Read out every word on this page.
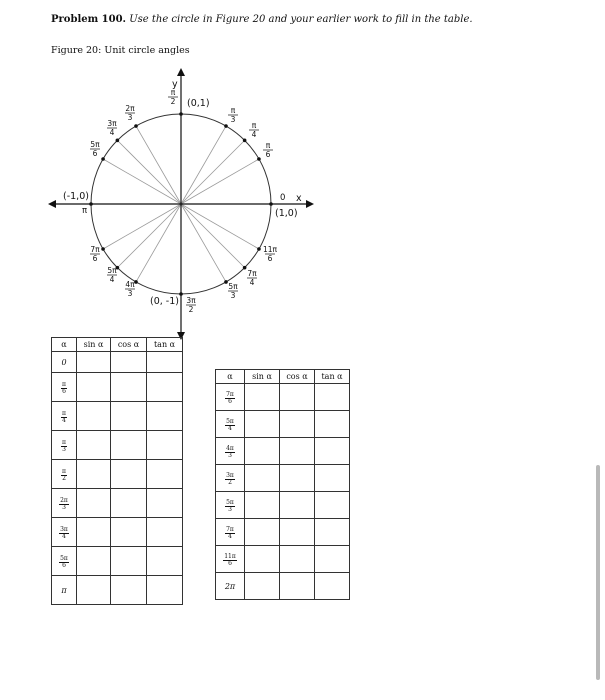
Problem 100. Use the circle in Figure 20 and your earlier work to fill in the table.
Figure 20: Unit circle angles
y
x
(0,1)
(-1,0)
(1,0)
(0, -1)
0
π
π
2
π
3
π
4
π
6
2π
3
3π
4
5π
6
7π
6
5π
4
4π
3
3π
2
5π
3
7π
4
11π
6
α	sin α	cos α	tan α
0			

$\frac{\pi}{6}$

$\frac{\pi}{4}$

$\frac{\pi}{3}$

$\frac{\pi}{2}$

$\frac{2\pi}{3}$

$\frac{3\pi}{4}$

$\frac{5\pi}{6}$

π			
α	sin α	cos α	tan α

$\frac{7\pi}{6}$

$\frac{5\pi}{4}$

$\frac{4\pi}{3}$

$\frac{3\pi}{2}$

$\frac{5\pi}{3}$

$\frac{7\pi}{4}$

$\frac{11\pi}{6}$

2π			
